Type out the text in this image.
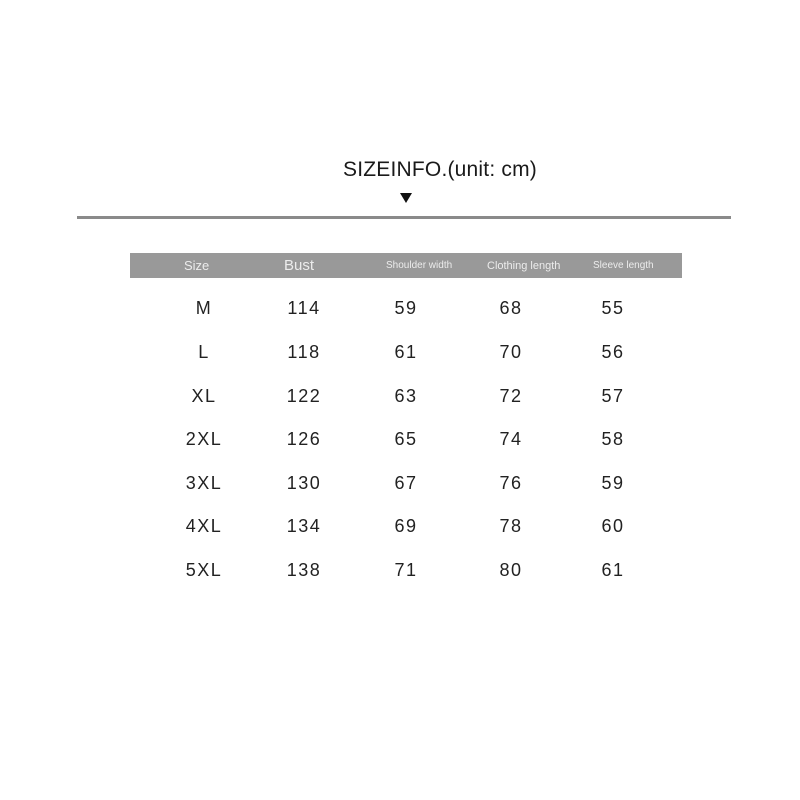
SIZEINFO.(unit: cm)
Size	Bust	Shoulder width	Clothing length	Sleeve length
M	114	59	68	55
L	118	61	70	56
XL	122	63	72	57
2XL	126	65	74	58
3XL	130	67	76	59
4XL	134	69	78	60
5XL	138	71	80	61
